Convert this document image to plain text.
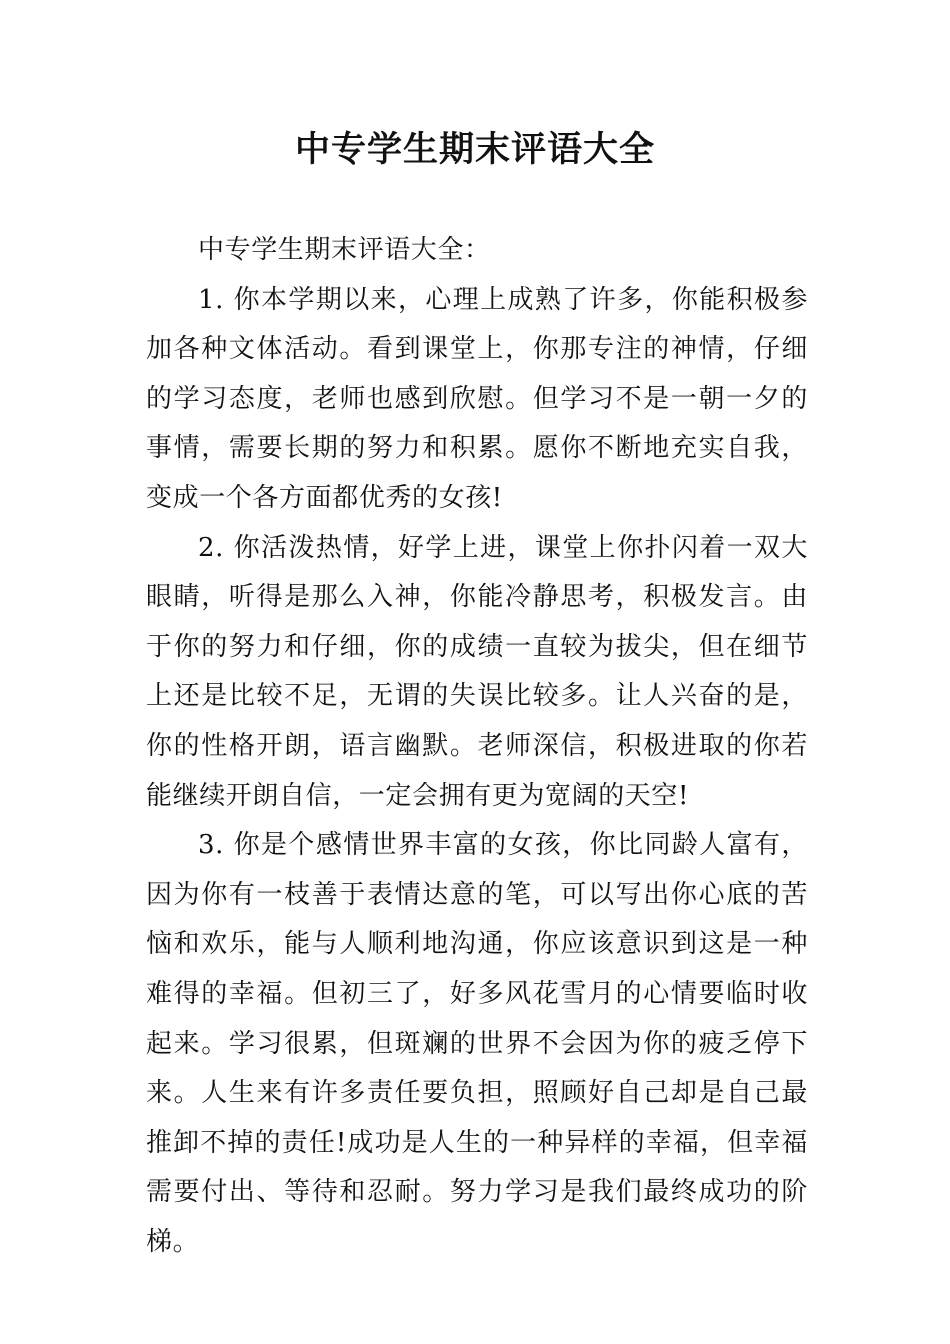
中专学生期末评语大全

中专学生期末评语大全：

1. 你本学期以来，心理上成熟了许多，你能积极参加各种文体活动。看到课堂上，你那专注的神情，仔细的学习态度，老师也感到欣慰。但学习不是一朝一夕的事情，需要长期的努力和积累。愿你不断地充实自我，变成一个各方面都优秀的女孩!

2. 你活泼热情，好学上进，课堂上你扑闪着一双大眼睛，听得是那么入神，你能冷静思考，积极发言。由于你的努力和仔细，你的成绩一直较为拔尖，但在细节上还是比较不足，无谓的失误比较多。让人兴奋的是，你的性格开朗，语言幽默。老师深信，积极进取的你若能继续开朗自信，一定会拥有更为宽阔的天空!

3. 你是个感情世界丰富的女孩，你比同龄人富有，因为你有一枝善于表情达意的笔，可以写出你心底的苦恼和欢乐，能与人顺利地沟通，你应该意识到这是一种难得的幸福。但初三了，好多风花雪月的心情要临时收起来。学习很累，但斑斓的世界不会因为你的疲乏停下来。人生来有许多责任要负担，照顾好自己却是自己最推卸不掉的责任!成功是人生的一种异样的幸福，但幸福需要付出、等待和忍耐。努力学习是我们最终成功的阶梯。
